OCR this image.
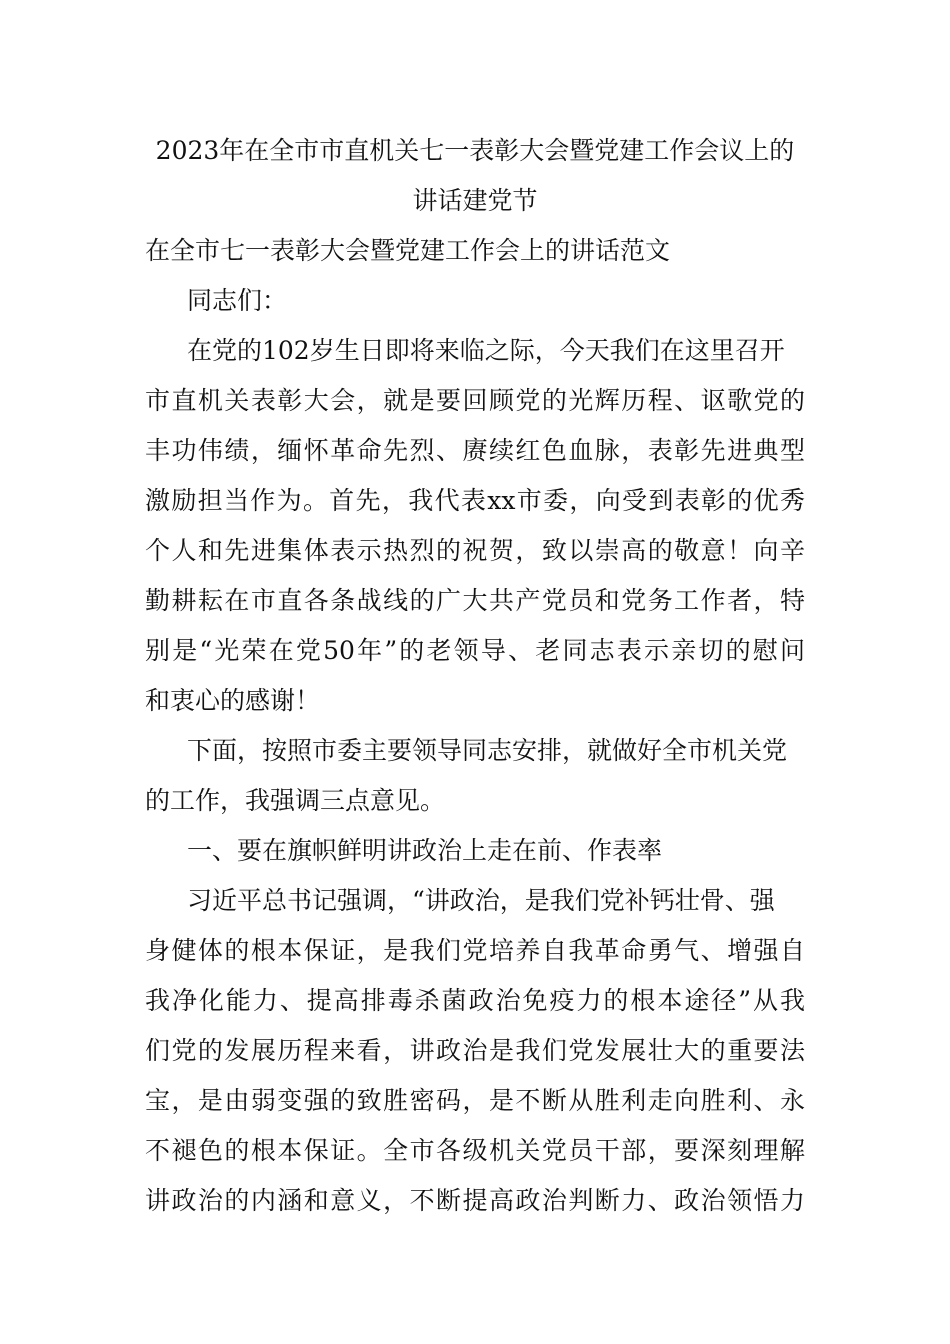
2023年在全市市直机关七一表彰大会暨党建工作会议上的
讲话建党节
在全市七一表彰大会暨党建工作会上的讲话范文
同志们：
在党的102岁生日即将来临之际，今天我们在这里召开
市直机关表彰大会，就是要回顾党的光辉历程、讴歌党的
丰功伟绩，缅怀革命先烈、赓续红色血脉，表彰先进典型
激励担当作为。首先，我代表xx市委，向受到表彰的优秀
个人和先进集体表示热烈的祝贺，致以崇高的敬意！向辛
勤耕耘在市直各条战线的广大共产党员和党务工作者，特
别是“光荣在党50年”的老领导、老同志表示亲切的慰问
和衷心的感谢！
下面，按照市委主要领导同志安排，就做好全市机关党
的工作，我强调三点意见。
一、要在旗帜鲜明讲政治上走在前、作表率
习近平总书记强调，“讲政治，是我们党补钙壮骨、强
身健体的根本保证，是我们党培养自我革命勇气、增强自
我净化能力、提高排毒杀菌政治免疫力的根本途径”从我
们党的发展历程来看，讲政治是我们党发展壮大的重要法
宝，是由弱变强的致胜密码，是不断从胜利走向胜利、永
不褪色的根本保证。全市各级机关党员干部，要深刻理解
讲政治的内涵和意义，不断提高政治判断力、政治领悟力
